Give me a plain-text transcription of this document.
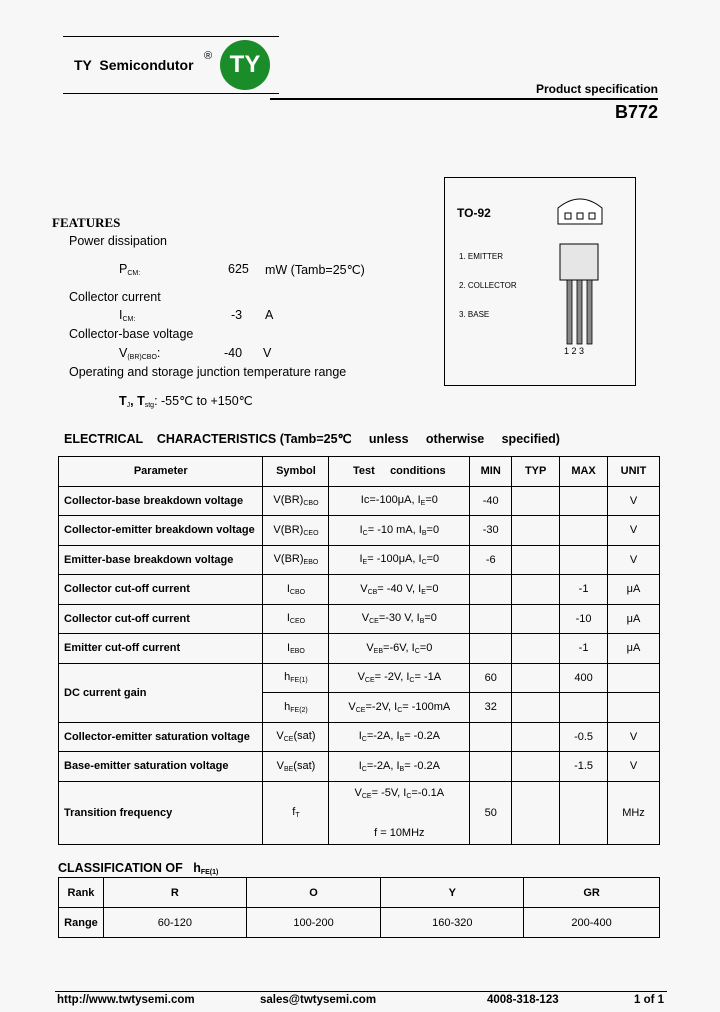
TY  Semicondutor
® TY
Product specification
B772
TO-92
1. EMITTER
2. COLLECTOR
3. BASE
1 2 3
FEATURES
Power dissipation
$P_{CM:}$	625 mW (Tamb=25℃)
Collector current
$I_{CM:}$	-3 A
Collector-base voltage
$V_{(BR)CBO}$:	-40 V
Operating and storage junction temperature range
$T_J$, $T_{stg}$: -55℃ to +150℃
ELECTRICAL    CHARACTERISTICS (Tamb=25℃     unless     otherwise     specified)
Parameter	Symbol	Test     conditions	MIN	TYP	MAX	UNIT
Collector-base breakdown voltage	$V(BR)_{CBO}$	Ic=-100μA, $I_E=0$	-40			V
Collector-emitter breakdown voltage	$V(BR)_{CEO}$	$I_C= -10$ mA, $I_B=0$	-30			V
Emitter-base breakdown voltage	$V(BR)_{EBO}$	$I_E= -100\mu A$, $I_C=0$	-6			V
Collector cut-off current	$I_{CBO}$	$V_{CB}= -40$ V, $I_E=0$			-1	μA
Collector cut-off current	$I_{CEO}$	$V_{CE}=-30$ V, $I_B=0$			-10	μA
Emitter cut-off current	$I_{EBO}$	$V_{EB}=-6V$, $I_C=0$			-1	μA
DC current gain	$h_{FE(1)}$	$V_{CE}= -2V$, $I_C= -1A$	60		400	
	$h_{FE(2)}$	$V_{CE}=-2V$, $I_C= -100mA$	32			
Collector-emitter saturation voltage	$V_{CE}(sat)$	$I_C=-2A$, $I_B= -0.2A$			-0.5	V
Base-emitter saturation voltage	$V_{BE}(sat)$	$I_C=-2A$, $I_B= -0.2A$			-1.5	V
Transition frequency	$f_T$	$V_{CE}= -5V$, $I_C=-0.1A$
f = 10MHz	50			MHz
CLASSIFICATION OF $h_{FE(1)}$
Rank	R	O	Y	GR
Range	60-120	100-200	160-320	200-400
http://www.twtysemi.com	sales@twtysemi.com	4008-318-123	1 of 1
